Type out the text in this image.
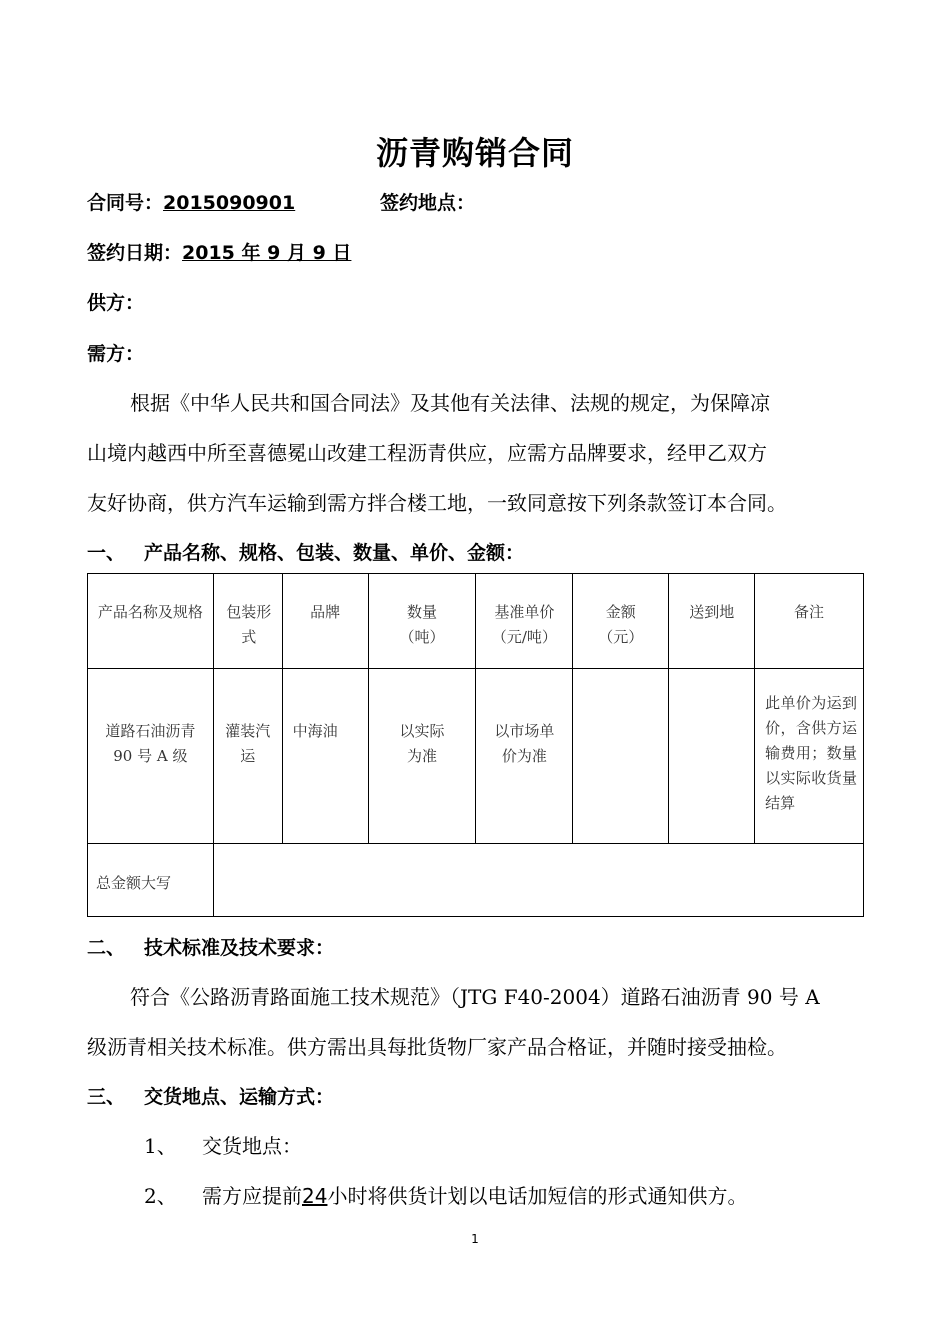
沥青购销合同
合同号：2015090901	签约地点：
签约日期：2015 年 9 月 9 日
供方：
需方：
根据《中华人民共和国合同法》及其他有关法律、法规的规定，为保障凉
山境内越西中所至喜德冕山改建工程沥青供应，应需方品牌要求，经甲乙双方
友好协商，供方汽车运输到需方拌合楼工地，一致同意按下列条款签订本合同。
一、 产品名称、规格、包装、数量、单价、金额：
产品名称及规格	包装形式	品牌	数量（吨）	基准单价（元/吨）	金额（元）	送到地	备注

道路石油沥青 90 号 A 级	灌装汽运	中海油	以实际为准	以市场单价为准			此单价为运到价，含供方运输费用；数量以实际收货量结算

总金额大写							

二、 技术标准及技术要求：
符合《公路沥青路面施工技术规范》（JTG F40-2004）道路石油沥青 90 号 A
级沥青相关技术标准。供方需出具每批货物厂家产品合格证，并随时接受抽检。
三、 交货地点、运输方式：
1、 交货地点：
2、 需方应提前24小时将供货计划以电话加短信的形式通知供方。
1
